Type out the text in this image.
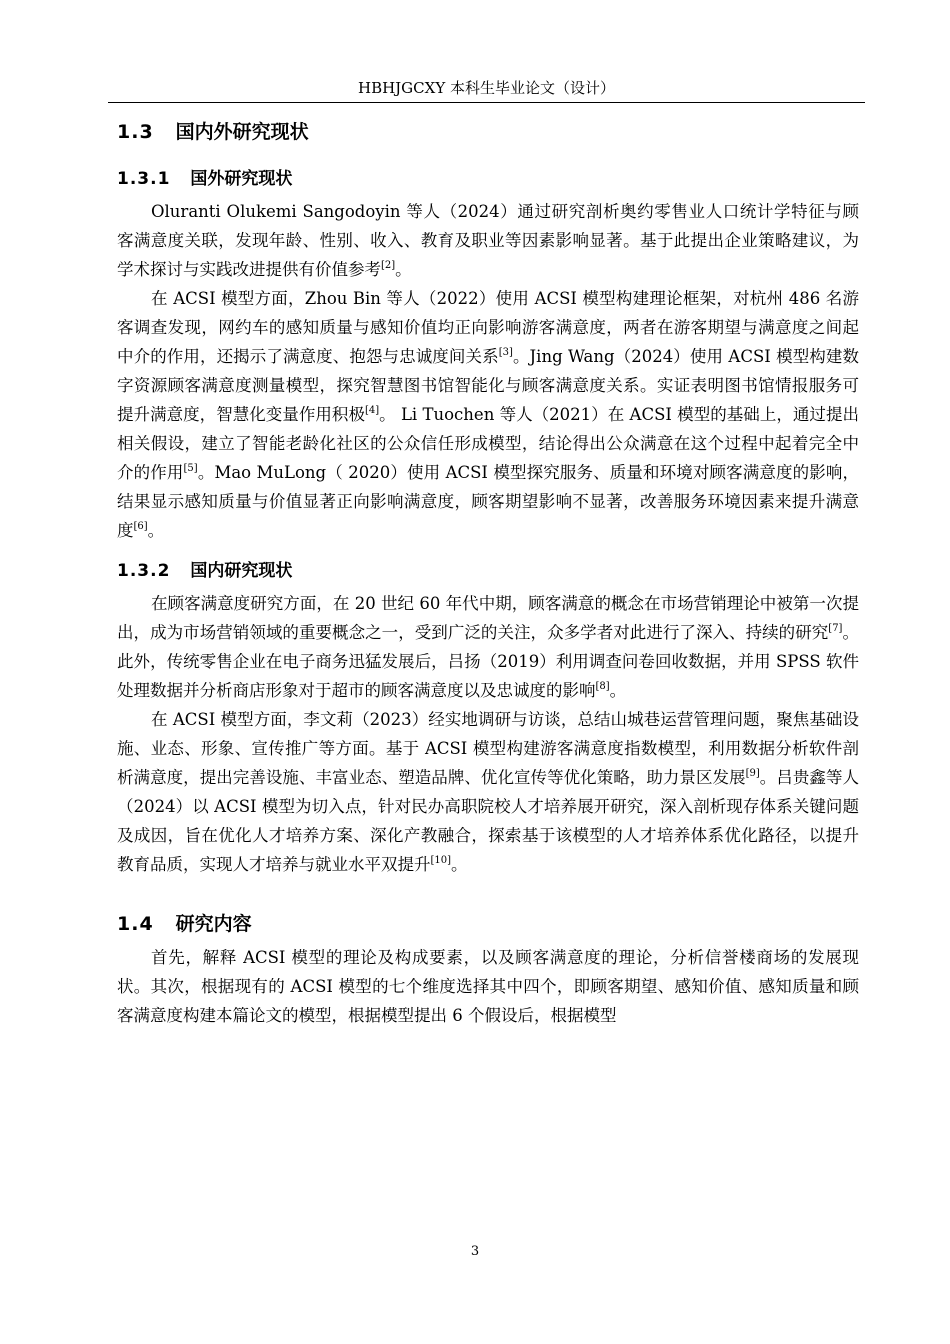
HBHJGCXY 本科生毕业论文（设计）
1.3 国内外研究现状
1.3.1 国外研究现状

Oluranti Olukemi Sangodoyin 等人（2024）通过研究剖析奥约零售业人口统计学特征与顾客满意度关联，发现年龄、性别、收入、教育及职业等因素影响显著。基于此提出企业策略建议，为学术探讨与实践改进提供有价值参考[2]。

在 ACSI 模型方面，Zhou Bin 等人（2022）使用 ACSI 模型构建理论框架，对杭州 486 名游客调查发现，网约车的感知质量与感知价值均正向影响游客满意度，两者在游客期望与满意度之间起中介的作用，还揭示了满意度、抱怨与忠诚度间关系[3]。Jing Wang（2024）使用 ACSI 模型构建数字资源顾客满意度测量模型，探究智慧图书馆智能化与顾客满意度关系。实证表明图书馆情报服务可提升满意度，智慧化变量作用积极[4]。 Li Tuochen 等人（2021）在 ACSI 模型的基础上，通过提出相关假设，建立了智能老龄化社区的公众信任形成模型，结论得出公众满意在这个过程中起着完全中介的作用[5]。Mao MuLong（ 2020）使用 ACSI 模型探究服务、质量和环境对顾客满意度的影响，结果显示感知质量与价值显著正向影响满意度，顾客期望影响不显著，改善服务环境因素来提升满意度[6]。

1.3.2 国内研究现状

在顾客满意度研究方面，在 20 世纪 60 年代中期，顾客满意的概念在市场营销理论中被第一次提出，成为市场营销领域的重要概念之一，受到广泛的关注，众多学者对此进行了深入、持续的研究[7]。此外，传统零售企业在电子商务迅猛发展后，吕扬（2019）利用调查问卷回收数据，并用 SPSS 软件处理数据并分析商店形象对于超市的顾客满意度以及忠诚度的影响[8]。

在 ACSI 模型方面，李文莉（2023）经实地调研与访谈，总结山城巷运营管理问题，聚焦基础设施、业态、形象、宣传推广等方面。基于 ACSI 模型构建游客满意度指数模型，利用数据分析软件剖析满意度，提出完善设施、丰富业态、塑造品牌、优化宣传等优化策略，助力景区发展[9]。吕贵鑫等人（2024）以 ACSI 模型为切入点，针对民办高职院校人才培养展开研究，深入剖析现存体系关键问题及成因，旨在优化人才培养方案、深化产教融合，探索基于该模型的人才培养体系优化路径，以提升教育品质，实现人才培养与就业水平双提升[10]。

1.4 研究内容

首先，解释 ACSI 模型的理论及构成要素，以及顾客满意度的理论，分析信誉楼商场的发展现状。其次，根据现有的 ACSI 模型的七个维度选择其中四个，即顾客期望、感知价值、感知质量和顾客满意度构建本篇论文的模型，根据模型提出 6 个假设后，根据模型

3
